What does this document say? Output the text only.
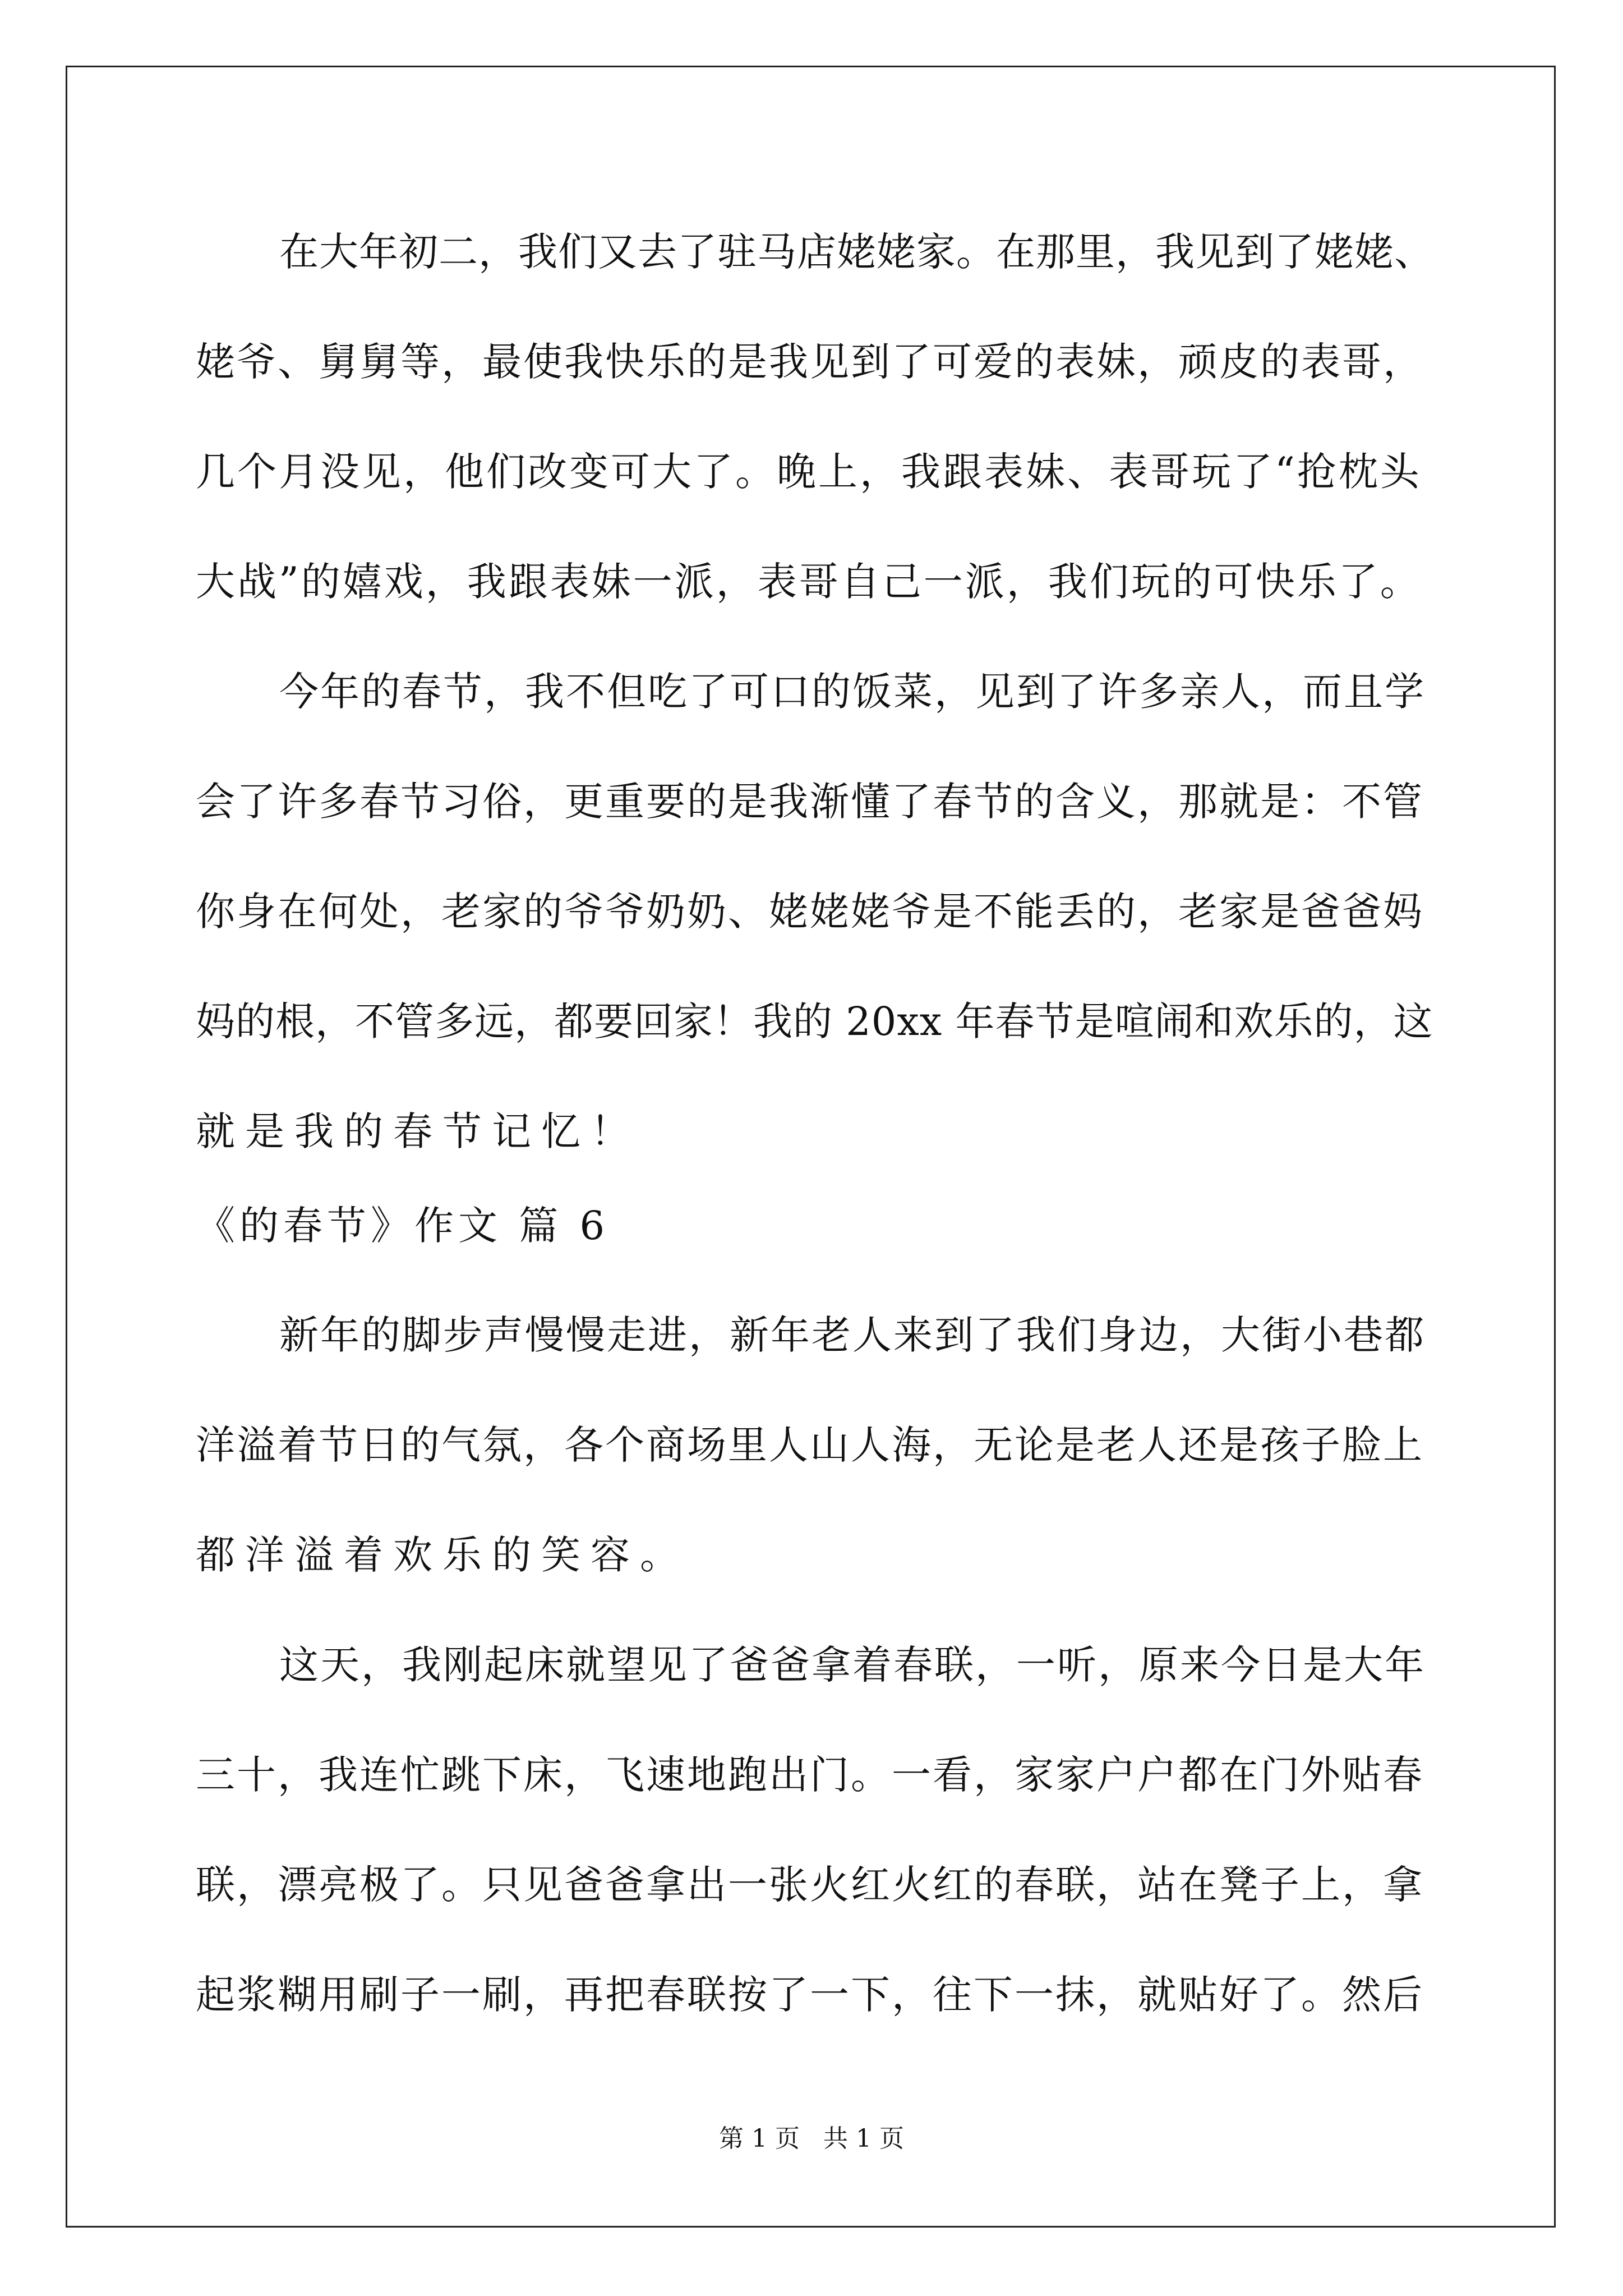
在大年初二，我们又去了驻马店姥姥家。在那里，我见到了姥姥、

姥爷、舅舅等，最使我快乐的是我见到了可爱的表妹，顽皮的表哥，

几个月没见，他们改变可大了。晚上，我跟表妹、表哥玩了“抢枕头

大战”的嬉戏，我跟表妹一派，表哥自己一派，我们玩的可快乐了。

今年的春节，我不但吃了可口的饭菜，见到了许多亲人，而且学

会了许多春节习俗，更重要的是我渐懂了春节的含义，那就是：不管

你身在何处，老家的爷爷奶奶、姥姥姥爷是不能丢的，老家是爸爸妈

妈的根，不管多远，都要回家！我的 20xx 年春节是喧闹和欢乐的，这

就是我的春节记忆！

《的春节》作文 篇 6

新年的脚步声慢慢走进，新年老人来到了我们身边，大街小巷都

洋溢着节日的气氛，各个商场里人山人海，无论是老人还是孩子脸上

都洋溢着欢乐的笑容。

这天，我刚起床就望见了爸爸拿着春联，一听，原来今日是大年

三十，我连忙跳下床，飞速地跑出门。一看，家家户户都在门外贴春

联，漂亮极了。只见爸爸拿出一张火红火红的春联，站在凳子上，拿

起浆糊用刷子一刷，再把春联按了一下，往下一抹，就贴好了。然后

第 1 页   共 1 页
